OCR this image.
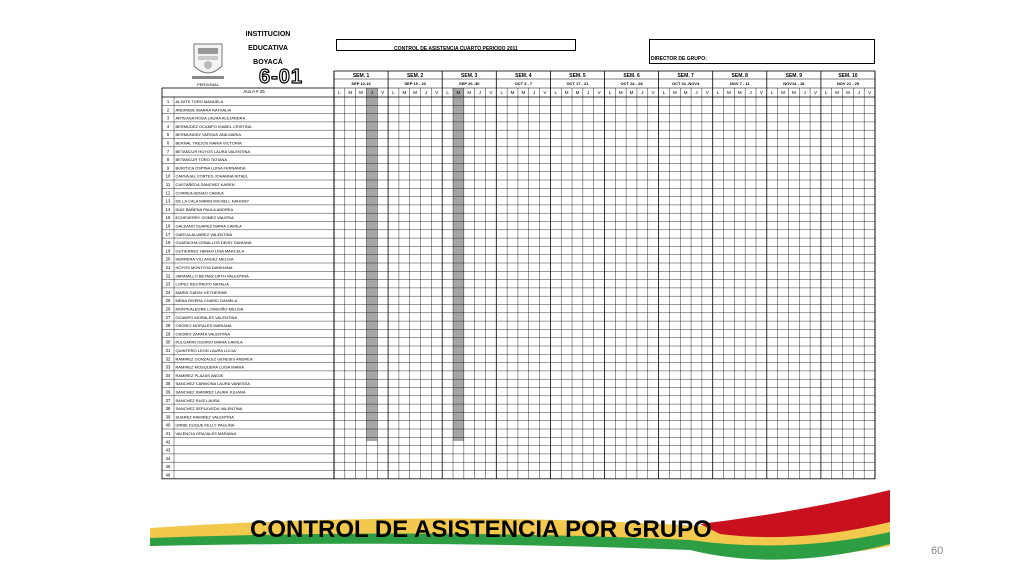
INSTITUCION
EDUCATIVA
BOYACÁ
PERSONAL	6-01
CONTROL DE ASISTENCIA CUARTO PERIODO 2011
DIRECTOR DE GRUPO:
AULA # 25
SEM. 1
SEP 12-16
L M M J V
SEM. 2
SEP 19 - 23
L M M J V
SEM. 3
SEP 26 -30
L M M J V
SEM. 4
OCT 3 - 7
L M M J V
SEM. 5
OCT 17 - 21
L M M J V
SEM. 6
OCT 24 - 28
L M M J V
SEM. 7
OCT 31 -NOV4
L M M J V
SEM. 8
NOV 7 - 11
L M M J V
SEM. 9
NOV14 - 18
L M M J V
SEM. 10
NOV 21 - 25
L M M J V
1 ALZATE TORO MANUELA
2 ANDRADE IBARRA NATHALIA
3 ARTEAGA ROSA LAURA ALEJANDRA
4 BERMUDEZ OCAMPO ISABEL CRISTINA
5 BERMUNDEZ VARGAS ANA MARIA
6 BERNAL TREJOS MARIA VICTORIA
7 BETANCUR HOYOS LAURA VALENTINA
8 BETANCUR TORO TATIANA
9 BURITICA OSPINA LUISA FERNANDA
10 CARVAJAL CORTES JOHANNA NITAEL
11 CASTAÑEDA SANCHEZ KAREN
12 CORREA HENAO CAMILA
13 DE LA CALA MARIN MICHELL NAHOMY
14 DIAZ BAÑENA PAULA ANDREA
15 ECHEVERRY GOMEZ VALERIA
16 GALEANO SUAREZ MARIA CAMILA
17 GARCIA ALVAREZ VALENTINA
18 GUAPACHA CEBALLOS DEISY DAHIANA
19 GUTIERREZ HENAO LINA MARCELA
20 HERRERA VILLANUEZ MELISA
21 HOYOS MONTOYA DAHIHANA
22 JARAMILLO BETANCURTH VALENTINA
23 LOPEZ RESTREPO NATALIA
24 MARIN GARAY KETHERINE
25 MENA RIVERA CHARIC DANIELA
26 MONTEALEGRE LONDOÑO MELISA
27 OCAMPO MORALES VALENTINA
28 OSORIO MORALES MARIANA
29 OSORIO ZAPATA VALENTINA
30 PULGARIN OSORIO MARIA CAMILA
31 QUINTERO LEON LAURA LUCIA
32 RAMIREZ GONZALEZ GENESIS ANDREA
33 RAMIREZ MOSQUERA LUISA MARIA
34 RAMIREZ PLAZAS ANGIE
35 SANCHEZ CARMONA LAURA VANESSA
36 SANCHEZ RAMIREZ LAURA JULIANA
37 SANCHEZ RUIZ LAURA
38 SANCHEZ SEPULVEDA VALENTINA
39 SUAREZ RAMIREZ VALENTINA
40 URIBE DUQUE KELLY PAULINA
41 VALENCIA GRAJALES MARIANA
42
43
44
45
46
CONTROL DE ASISTENCIA POR GRUPO
60
